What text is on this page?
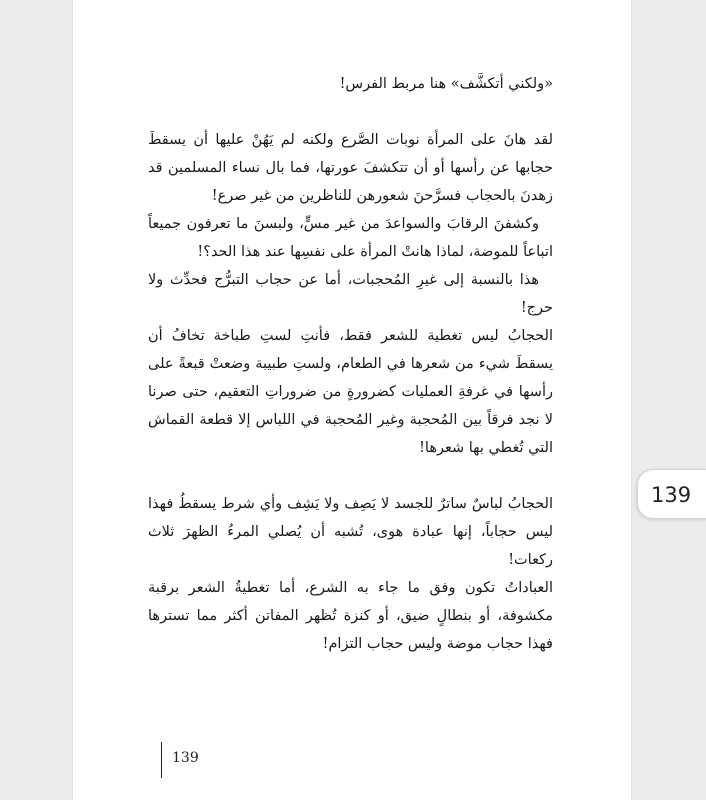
«ولكني أتكشَّف» هنا مربط الفرس!

لقد هانَ على المرأة نوبات الصَّرع ولكنه لم يَهُنْ عليها أن يسقطَ حجابها عن رأسها أو أن تتكشفَ عورتها، فما بال نساء المسلمين قد زهدنَ بالحجاب فسرَّحنَ شعورهن للناظرين من غير صرع!

وكشفنَ الرقابَ والسواعدَ من غير مسٍّ، ولبسنَ ما تعرفون جميعاً اتباعاً للموضة، لماذا هانتْ المرأة على نفسِها عند هذا الحد؟!

هذا بالنسبة إلى غيرِ المُحجبات، أما عن حجاب التبرُّج فحدِّث ولا حرج!

الحجابُ ليس تغطية للشعر فقط، فأنتِ لستِ طباخة تخافُ أن يسقطَ شيء من شعرها في الطعام، ولستِ طبيبة وضعتْ قبعةً على رأسها في غرفةِ العمليات كضرورةٍ من ضروراتِ التعقيم، حتى صرنا لا نجد فرقاً بين المُحجبة وغير المُحجبة في اللباس إلا قطعة القماش التي تُغطي بها شعرها!

الحجابُ لباسٌ ساترٌ للجسد لا يَصِف ولا يَشِف وأي شرط يسقطُ فهذا ليس حجاباً، إنها عبادة هوى، تُشبه أن يُصلي المرءُ الظهرَ ثلاث ركعات!

العباداتُ تكون وفق ما جاء به الشرع، أما تغطيةُ الشعر برقبة مكشوفة، أو بنطالٍ ضيق، أو كنزة تُظهر المفاتن أكثر مما تسترها فهذا حجاب موضة وليس حجاب التزام!

139
139
